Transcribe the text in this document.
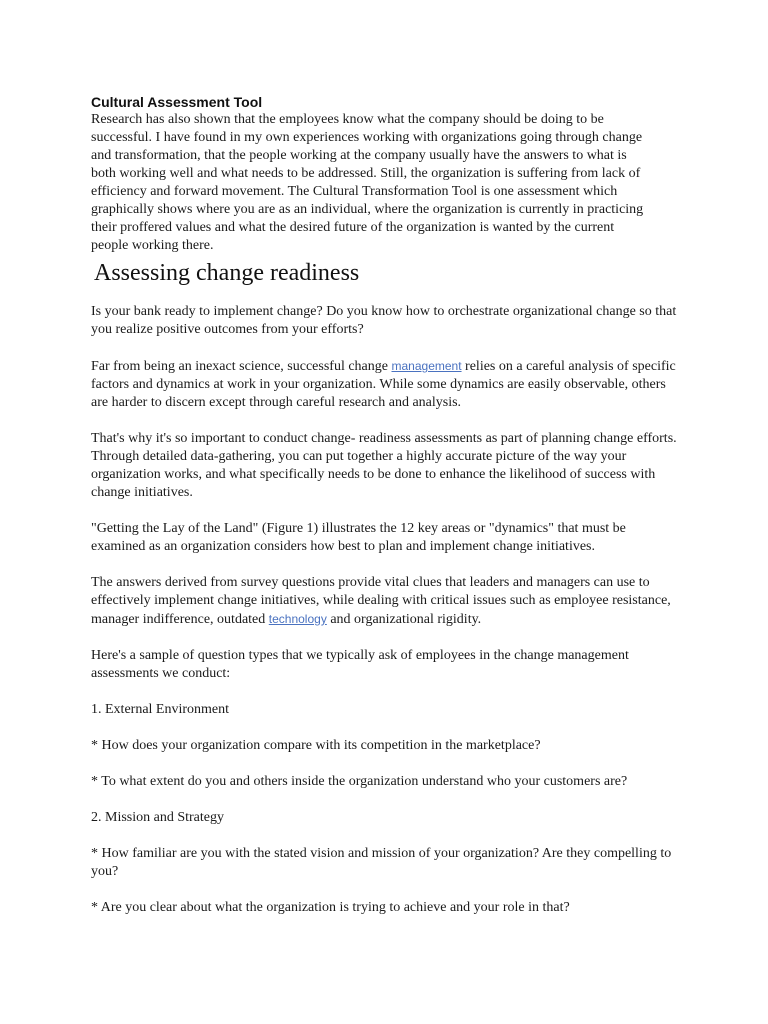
Cultural Assessment Tool

Research has also shown that the employees know what the company should be doing to be successful. I have found in my own experiences working with organizations going through change and transformation, that the people working at the company usually have the answers to what is both working well and what needs to be addressed. Still, the organization is suffering from lack of efficiency and forward movement. The Cultural Transformation Tool is one assessment which graphically shows where you are as an individual, where the organization is currently in practicing their proffered values and what the desired future of the organization is wanted by the current people working there.

Assessing change readiness

Is your bank ready to implement change? Do you know how to orchestrate organizational change so that you realize positive outcomes from your efforts?

Far from being an inexact science, successful change management relies on a careful analysis of specific factors and dynamics at work in your organization. While some dynamics are easily observable, others are harder to discern except through careful research and analysis.

That's why it's so important to conduct change- readiness assessments as part of planning change efforts. Through detailed data-gathering, you can put together a highly accurate picture of the way your organization works, and what specifically needs to be done to enhance the likelihood of success with change initiatives.

"Getting the Lay of the Land" (Figure 1) illustrates the 12 key areas or "dynamics" that must be examined as an organization considers how best to plan and implement change initiatives.

The answers derived from survey questions provide vital clues that leaders and managers can use to effectively implement change initiatives, while dealing with critical issues such as employee resistance, manager indifference, outdated technology and organizational rigidity.

Here's a sample of question types that we typically ask of employees in the change management assessments we conduct:

1. External Environment

* How does your organization compare with its competition in the marketplace?

* To what extent do you and others inside the organization understand who your customers are?

2. Mission and Strategy

* How familiar are you with the stated vision and mission of your organization? Are they compelling to you?

* Are you clear about what the organization is trying to achieve and your role in that?
